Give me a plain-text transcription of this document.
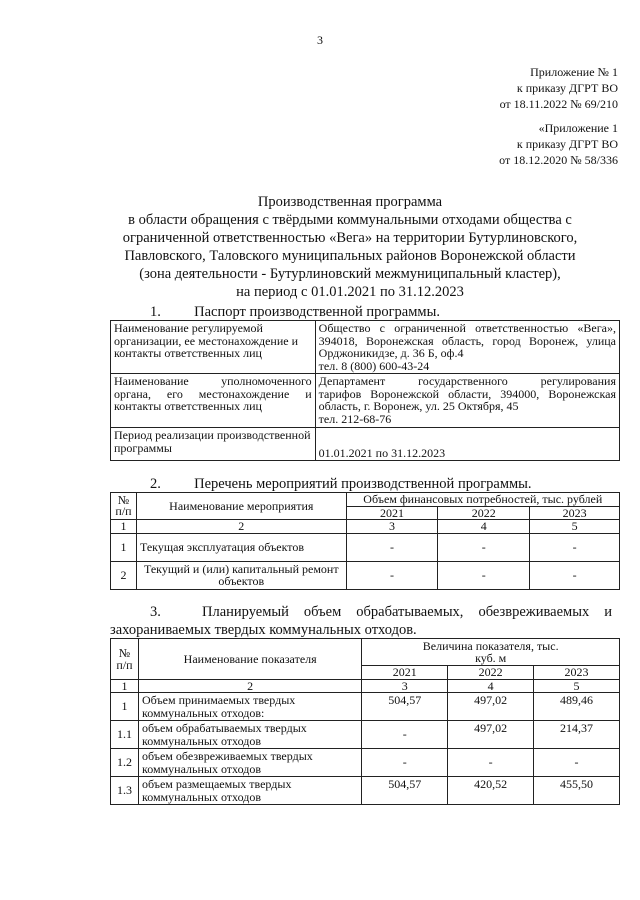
3
Приложение № 1
к приказу ДГРТ ВО
от 18.11.2022 № 69/210
«Приложение 1
к приказу ДГРТ ВО
от 18.12.2020 № 58/336
Производственная программа
в области обращения с твёрдыми коммунальными отходами общества с
ограниченной ответственностью «Вега» на территории Бутурлиновского,
Павловского, Таловского муниципальных районов Воронежской области
(зона деятельности - Бутурлиновский межмуниципальный кластер),
на период с 01.01.2021 по 31.12.2023
1. Паспорт производственной программы.
Наименование регулируемой организации, ее местонахождение и контакты ответственных лиц	Общество с ограниченной ответственностью «Вега»,
394018, Воронежская область, город Воронеж, улица
Орджоникидзе, д. 36 Б, оф.4
тел. 8 (800) 600-43-24

Наименование уполномоченного органа, его местонахождение и контакты ответственных лиц	Департамент государственного регулирования
тарифов Воронежской области, 394000, Воронежская
область, г. Воронеж, ул. 25 Октября, 45
тел. 212-68-76

Период реализации производственной программы	01.01.2021 по 31.12.2023
2. Перечень мероприятий производственной программы.
№ п/п	Наименование мероприятия	Объем финансовых потребностей, тыс. рублей		
		2021	2022	2023
1	2	3	4	5
1	Текущая эксплуатация объектов	-	-	-
2	Текущий и (или) капитальный ремонт объектов	-	-	-
3.	Планируемый объем обрабатываемых, обезвреживаемых и
захораниваемых твердых коммунальных отходов.
№ п/п	Наименование показателя	Величина показателя, тыс. куб. м		
		2021	2022	2023
1	2	3	4	5
1	Объем принимаемых твердых коммунальных отходов:	504,57	497,02	489,46
1.1	объем обрабатываемых твердых коммунальных отходов	-	497,02	214,37
1.2	объем обезвреживаемых твердых коммунальных отходов	-	-	-
1.3	объем размещаемых твердых коммунальных отходов	504,57	420,52	455,50
